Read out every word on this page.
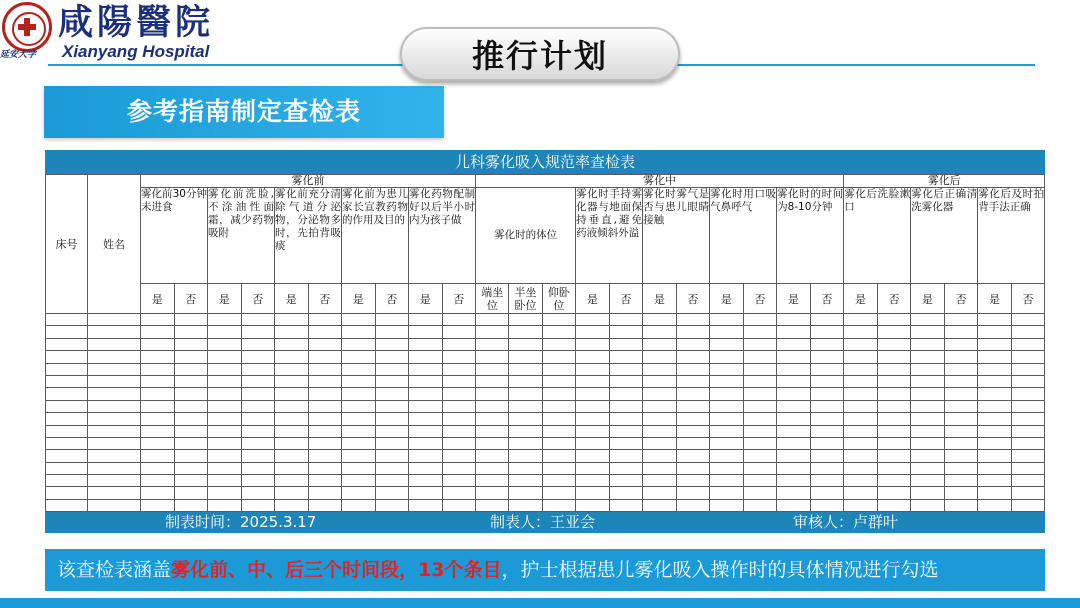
咸陽醫院
Xianyang Hospital
延安大学	推行计划
参考指南制定查检表
儿科雾化吸入规范率查检表
床号	姓名	雾化前										雾化中											雾化后					
		雾化前30分钟未进食		雾化前洗脸,不涂油性面霜，减少药物吸附		雾化前充分清除气道分泌物，分泌物多时，先拍背吸痰		雾化前为患儿家长宣教药物的作用及目的		雾化药物配制好以后半小时内为孩子做		雾化时的体位			雾化时手持雾化器与地面保持垂直,避免药液倾斜外溢		雾化时雾气是否与患儿眼睛接触		雾化时用口吸气鼻呼气		雾化时的时间为8-10分钟		雾化后洗脸漱口		雾化后正确清洗雾化器		雾化后及时拍背手法正确	
		是	否	是	否	是	否	是	否	是	否	端坐位	半坐卧位	仰卧位	是	否	是	否	是	否	是	否	是	否	是	否	是	否

制表时间：2025.3.17	制表人：王亚会	审核人：卢群叶
该查检表涵盖雾化前、中、后三个时间段，13个条目，护士根据患儿雾化吸入操作时的具体情况进行勾选
